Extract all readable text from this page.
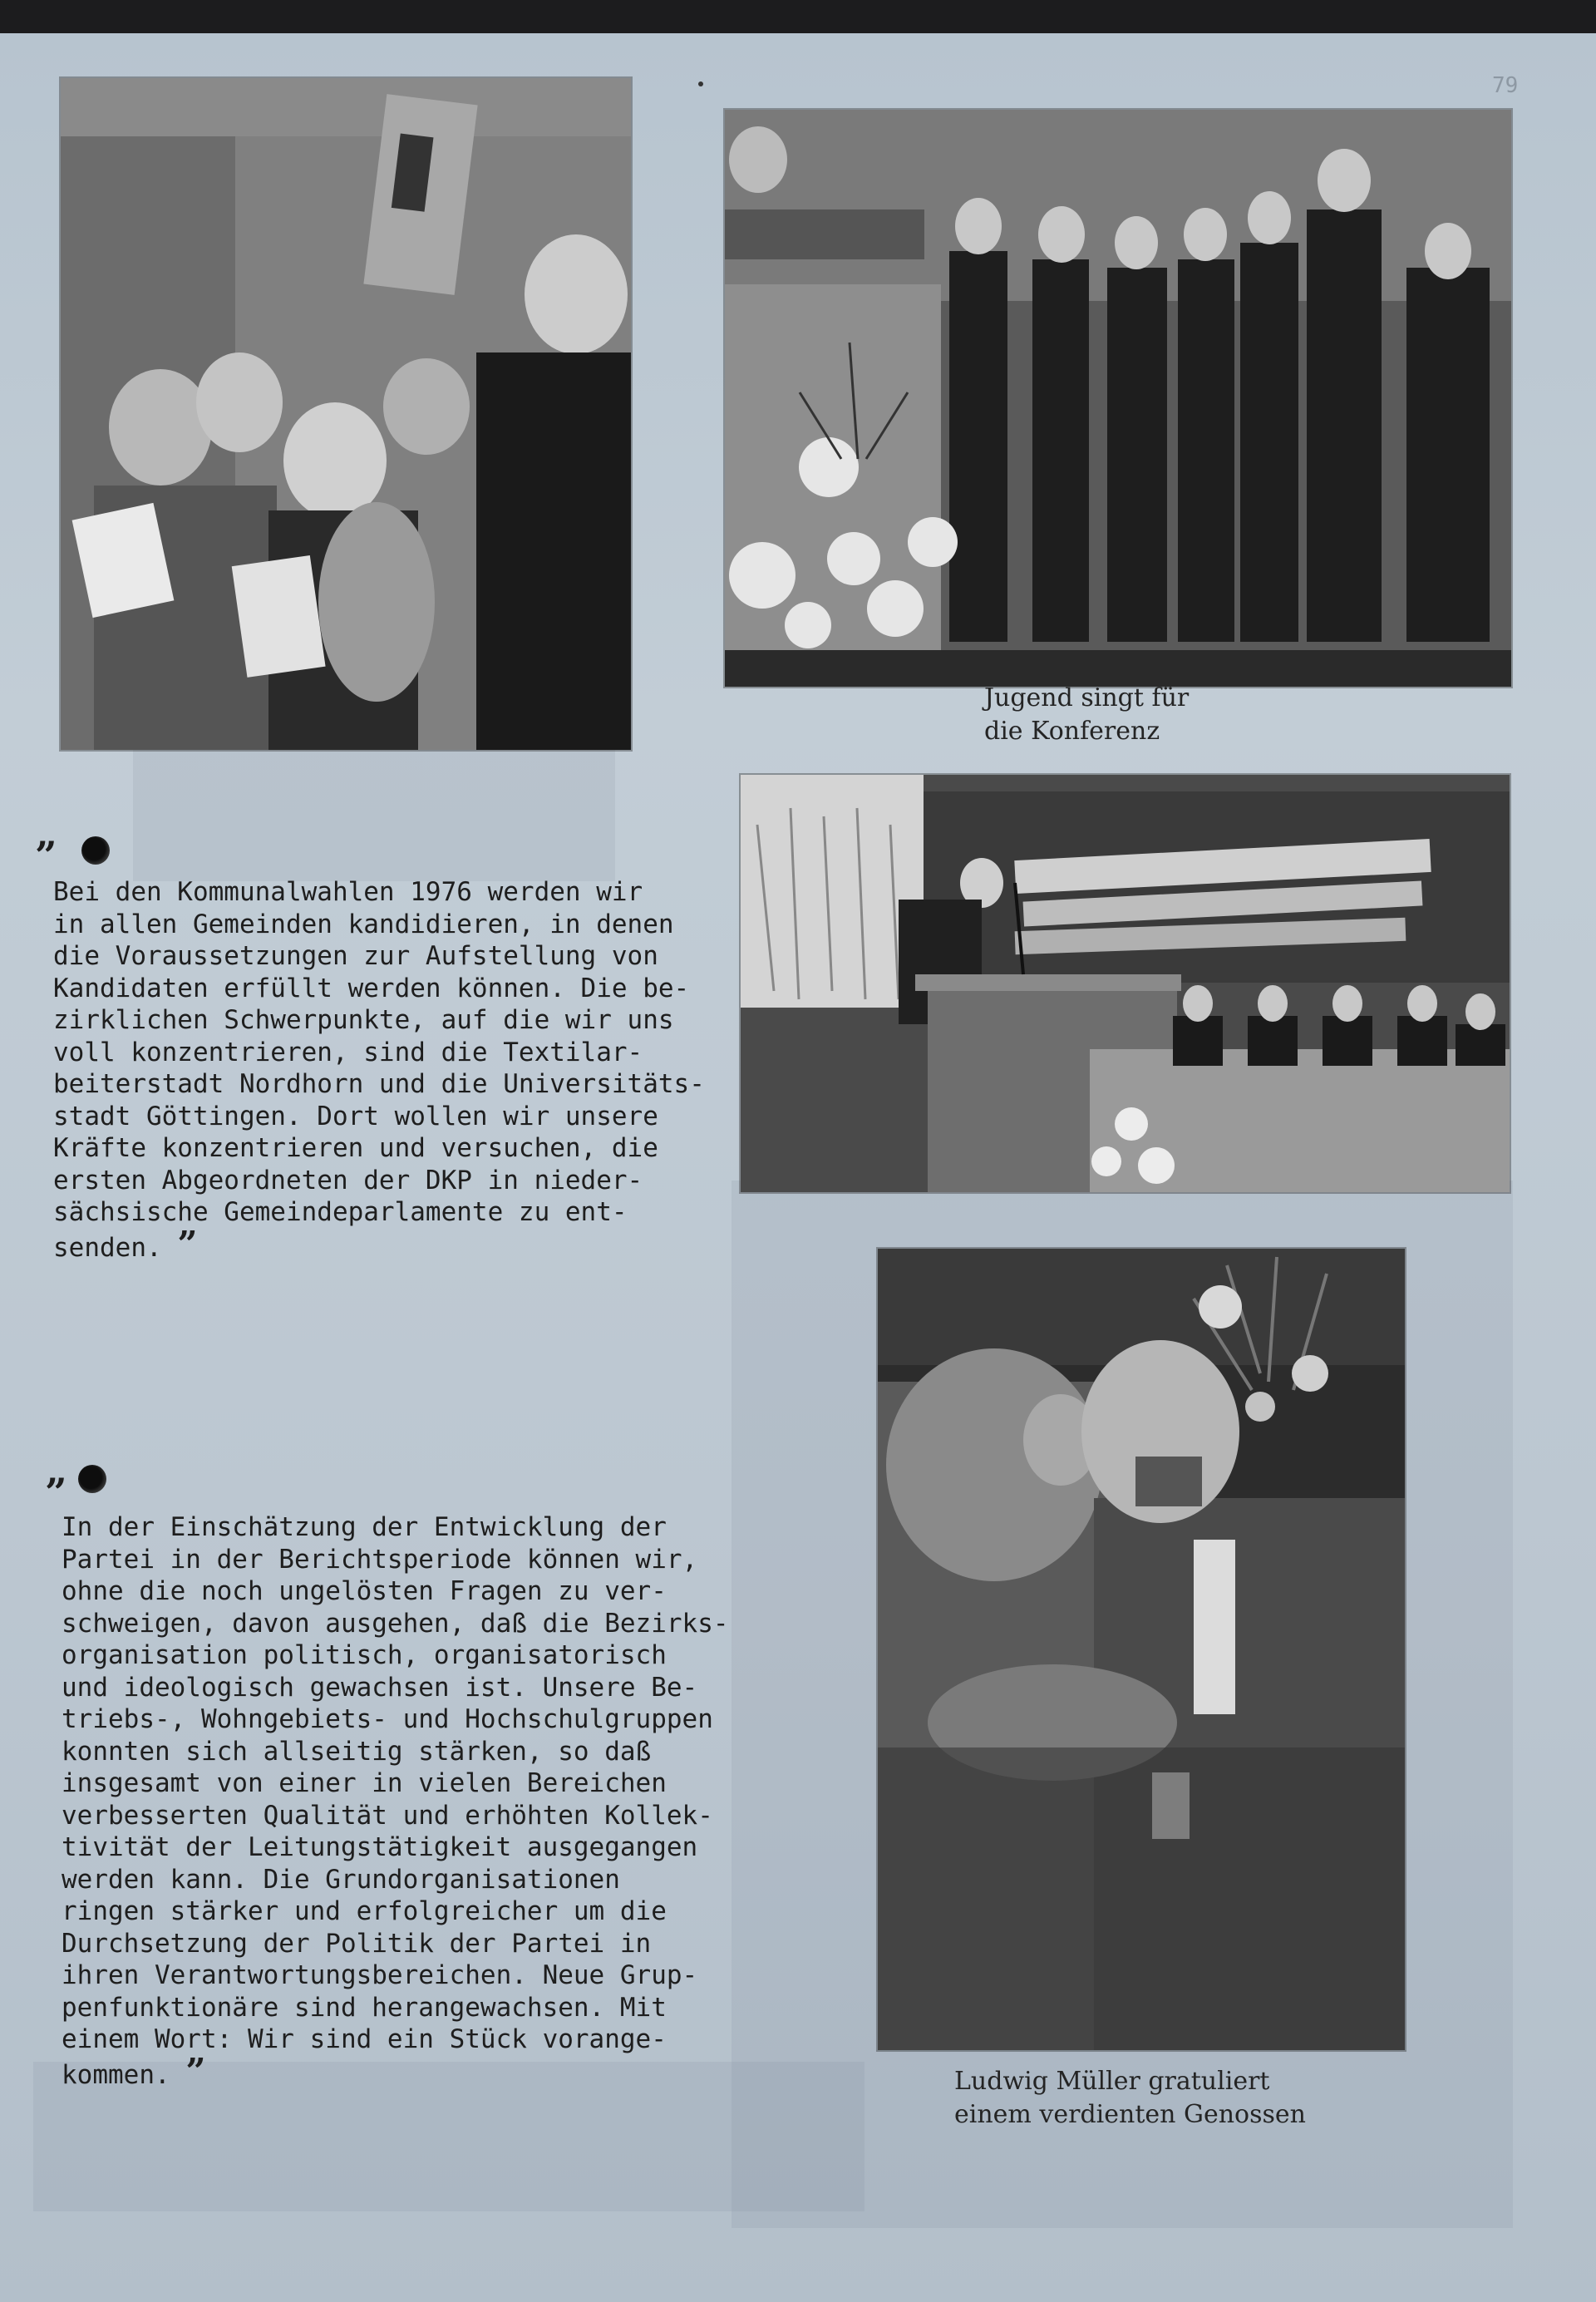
79

Jugend singt für
die Konferenz

Ludwig Müller gratuliert
einem verdienten Genossen

”

Bei den Kommunalwahlen 1976 werden wir
in allen Gemeinden kandidieren, in denen
die Voraussetzungen zur Aufstellung von
Kandidaten erfüllt werden können. Die be-
zirklichen Schwerpunkte, auf die wir uns
voll konzentrieren, sind die Textilar-
beiterstadt Nordhorn und die Universitäts-
stadt Göttingen. Dort wollen wir unsere
Kräfte konzentrieren und versuchen, die
ersten Abgeordneten der DKP in nieder-
sächsische Gemeindeparlamente zu ent-
senden. ”

”

In der Einschätzung der Entwicklung der
Partei in der Berichtsperiode können wir,
ohne die noch ungelösten Fragen zu ver-
schweigen, davon ausgehen, daß die Bezirks-
organisation politisch, organisatorisch
und ideologisch gewachsen ist. Unsere Be-
triebs-, Wohngebiets- und Hochschulgruppen
konnten sich allseitig stärken, so daß
insgesamt von einer in vielen Bereichen
verbesserten Qualität und erhöhten Kollek-
tivität der Leitungstätigkeit ausgegangen
werden kann. Die Grundorganisationen
ringen stärker und erfolgreicher um die
Durchsetzung der Politik der Partei in
ihren Verantwortungsbereichen. Neue Grup-
penfunktionäre sind herangewachsen. Mit
einem Wort: Wir sind ein Stück vorange-
kommen. ”
